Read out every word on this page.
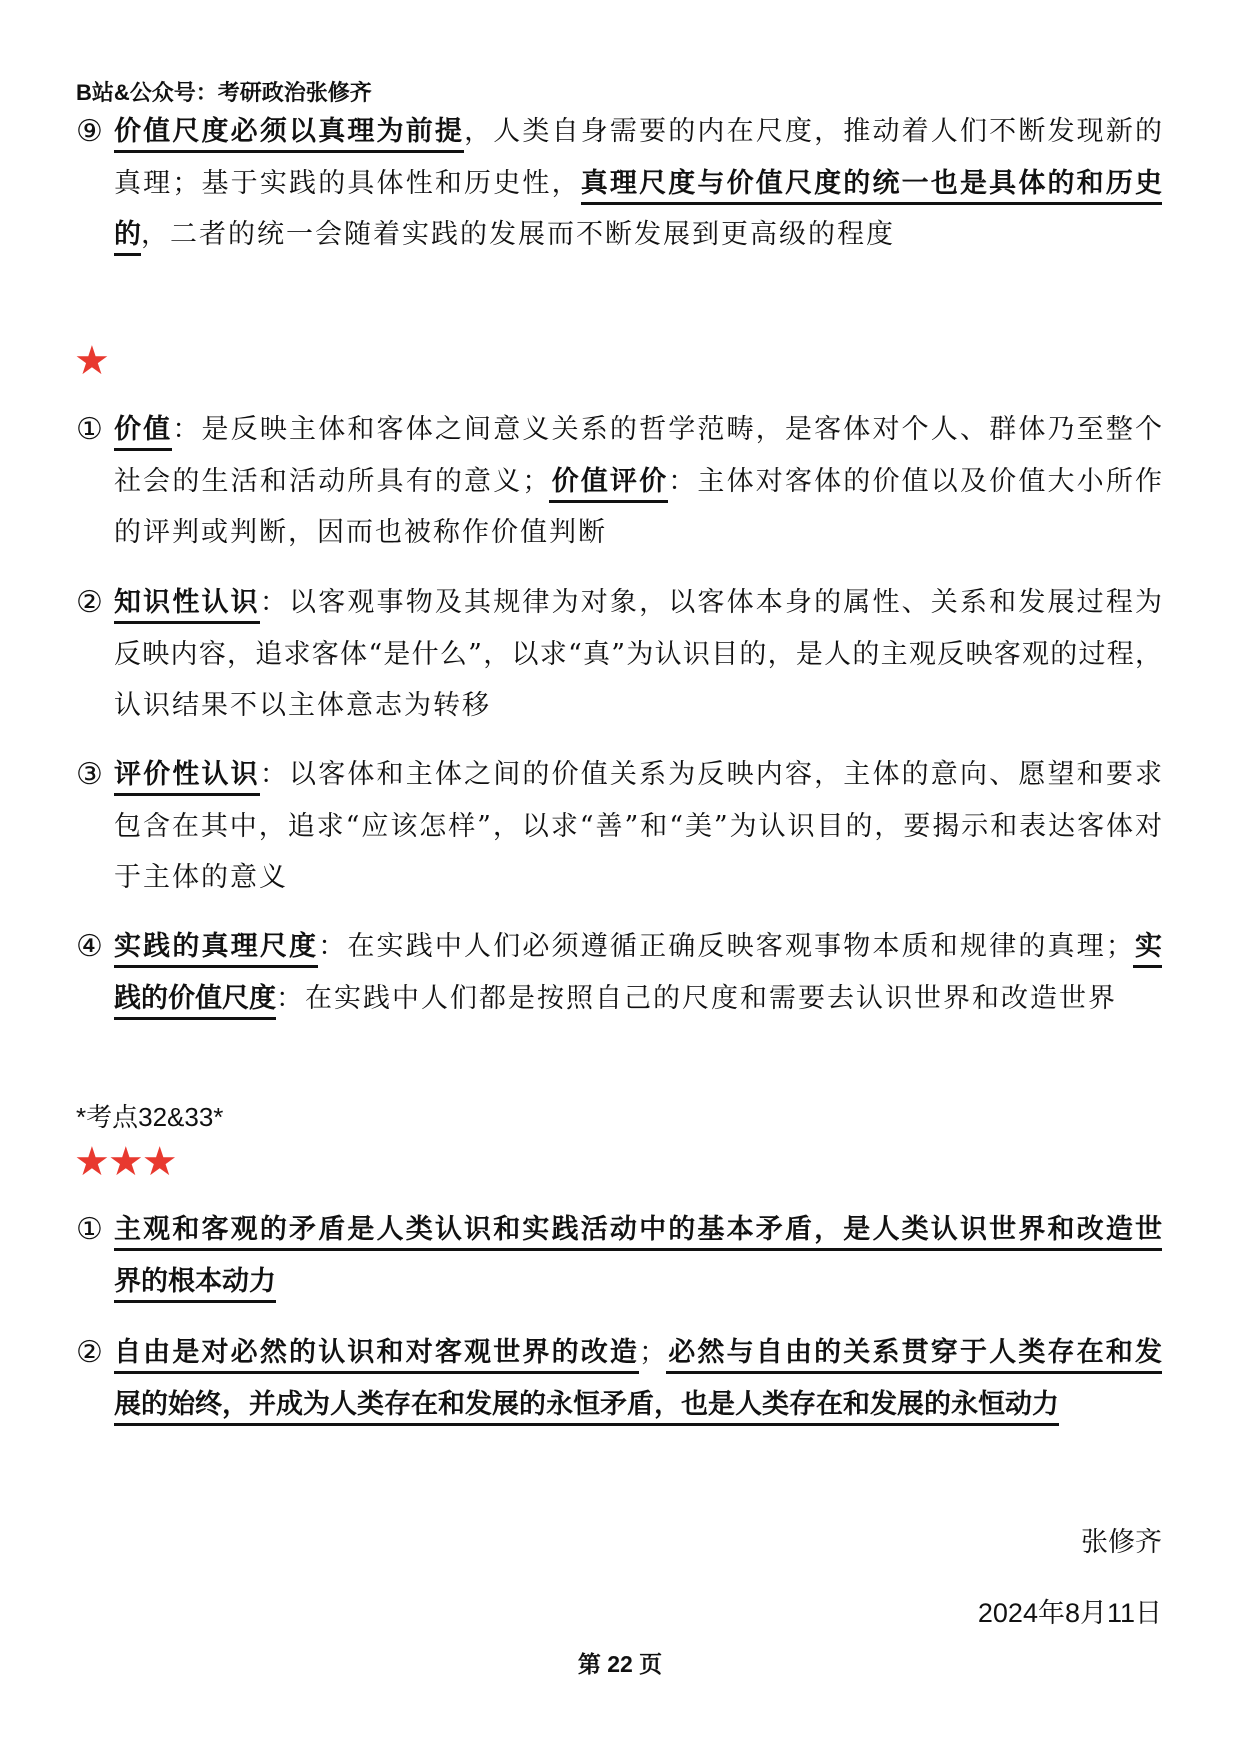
B站&公众号：考研政治张修齐
⑨ 价值尺度必须以真理为前提，人类自身需要的内在尺度，推动着人们不断发现新的
真理；基于实践的具体性和历史性，真理尺度与价值尺度的统一也是具体的和历史
的，二者的统一会随着实践的发展而不断发展到更高级的程度
① 价值：是反映主体和客体之间意义关系的哲学范畴，是客体对个人、群体乃至整个
社会的生活和活动所具有的意义；价值评价：主体对客体的价值以及价值大小所作
的评判或判断，因而也被称作价值判断
② 知识性认识：以客观事物及其规律为对象，以客体本身的属性、关系和发展过程为
反映内容，追求客体“是什么”，以求“真”为认识目的，是人的主观反映客观的过程，
认识结果不以主体意志为转移
③ 评价性认识：以客体和主体之间的价值关系为反映内容，主体的意向、愿望和要求
包含在其中，追求“应该怎样”，以求“善”和“美”为认识目的，要揭示和表达客体对
于主体的意义
④ 实践的真理尺度：在实践中人们必须遵循正确反映客观事物本质和规律的真理；实
践的价值尺度：在实践中人们都是按照自己的尺度和需要去认识世界和改造世界
① 主观和客观的矛盾是人类认识和实践活动中的基本矛盾，是人类认识世界和改造世
界的根本动力
② 自由是对必然的认识和对客观世界的改造；必然与自由的关系贯穿于人类存在和发
展的始终，并成为人类存在和发展的永恒矛盾，也是人类存在和发展的永恒动力
★
*考点32&33*
★★★
张修齐
2024年8月11日
第 22 页
